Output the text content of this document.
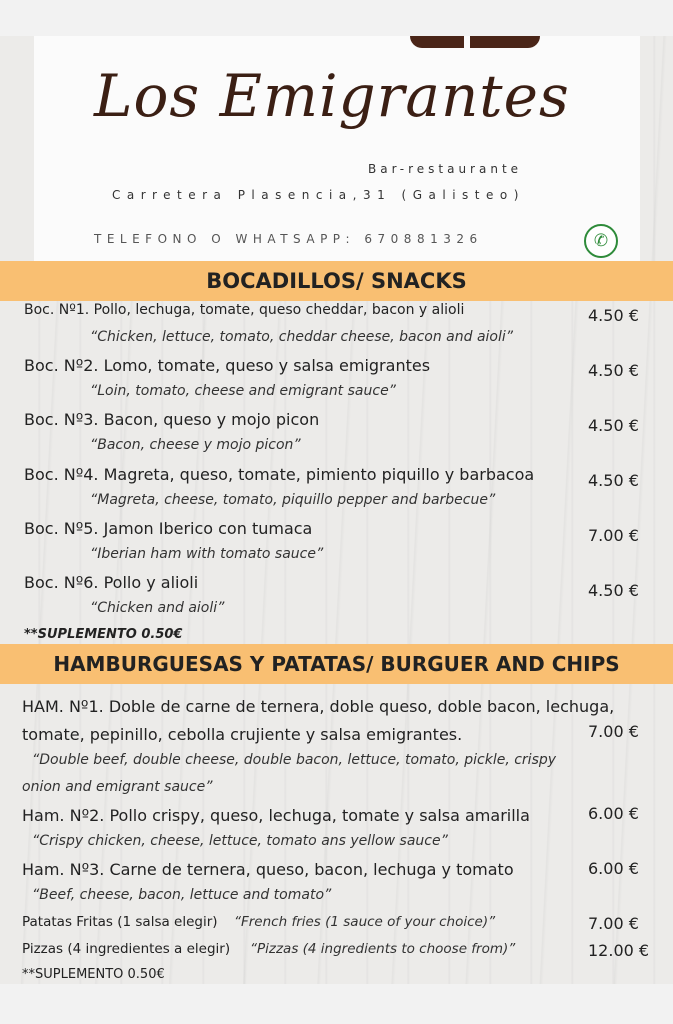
Los Emigrantes
Bar-restaurante
Carretera Plasencia,31 (Galisteo)
TELEFONO O WHATSAPP: 670881326	✆
BOCADILLOS/ SNACKS
Boc. Nº1. Pollo, lechuga, tomate, queso cheddar, bacon y alioli
“Chicken, lettuce, tomato, cheddar cheese, bacon and aioli”
4.50 €
Boc. Nº2. Lomo, tomate, queso y salsa emigrantes
“Loin, tomato, cheese and emigrant sauce”
4.50 €
Boc. Nº3. Bacon, queso y mojo picon
“Bacon, cheese y mojo picon”
4.50 €
Boc. Nº4. Magreta, queso, tomate, pimiento piquillo y barbacoa
“Magreta, cheese, tomato, piquillo pepper and barbecue”
4.50 €
Boc. Nº5. Jamon Iberico con tumaca
“Iberian ham with tomato sauce”
7.00 €
Boc. Nº6. Pollo y alioli
“Chicken and aioli”
4.50 €
**SUPLEMENTO 0.50€
HAMBURGUESAS Y PATATAS/ BURGUER AND CHIPS
HAM. Nº1. Doble de carne de ternera, doble queso, doble bacon, lechuga,
tomate, pepinillo, cebolla crujiente y salsa emigrantes.
“Double beef, double cheese, double bacon, lettuce, tomato, pickle, crispy
onion and emigrant sauce”
7.00 €
Ham. Nº2. Pollo crispy, queso, lechuga, tomate y salsa amarilla
“Crispy chicken, cheese, lettuce, tomato ans yellow sauce”
6.00 €
Ham. Nº3. Carne de ternera, queso, bacon, lechuga y tomato
“Beef, cheese, bacon, lettuce and tomato”
6.00 €
Patatas Fritas (1 salsa elegir) “French fries (1 sauce of your choice)”	7.00 €
Pizzas (4 ingredientes a elegir) “Pizzas (4 ingredients to choose from)”	12.00 €
**SUPLEMENTO 0.50€
